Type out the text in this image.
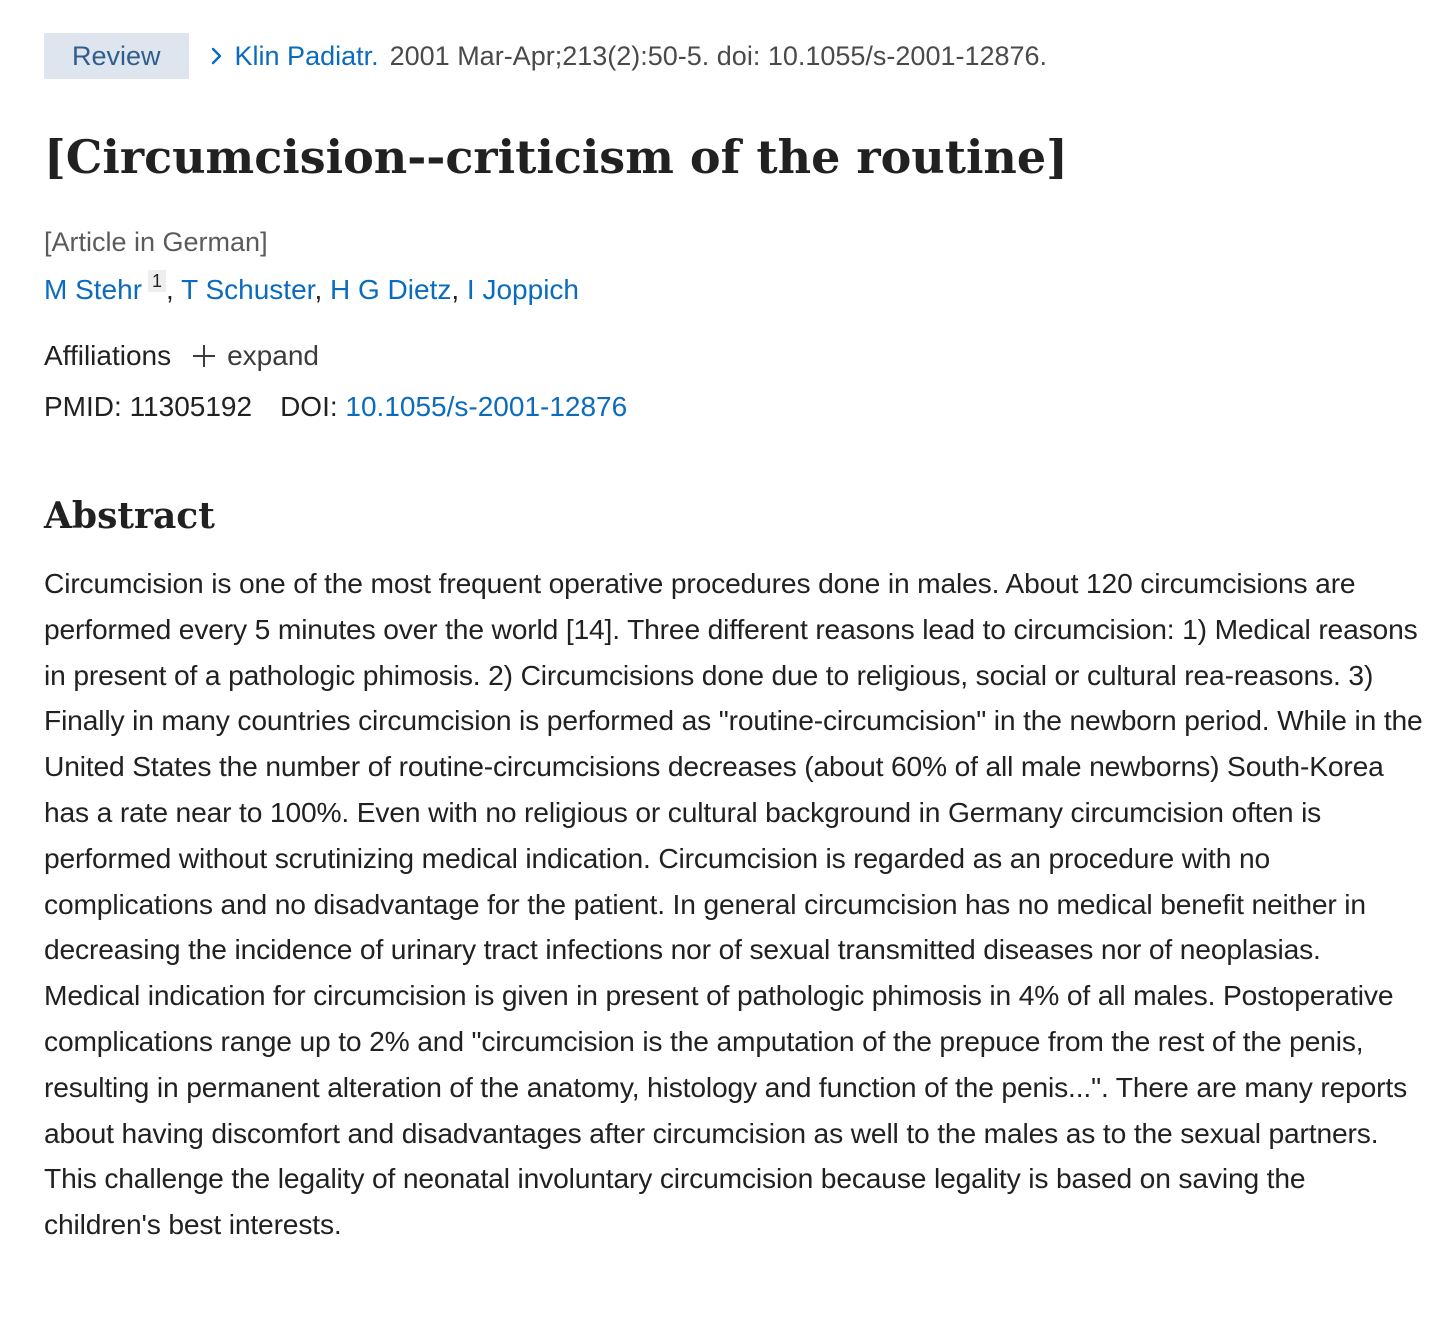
Review	Klin Padiatr. 2001 Mar-Apr;213(2):50-5. doi: 10.1055/s-2001-12876.
[Circumcision--criticism of the routine]
[Article in German]
M Stehr 1 , T Schuster, H G Dietz, I Joppich
Affiliations expand
PMID: 11305192 DOI: 10.1055/s-2001-12876
Abstract
Circumcision is one of the most frequent operative procedures done in males. About 120 circumcisions are performed every 5 minutes over the world [14]. Three different reasons lead to circumcision: 1) Medical reasons in present of a pathologic phimosis. 2) Circumcisions done due to religious, social or cultural rea-reasons. 3) Finally in many countries circumcision is performed as "routine-circumcision" in the newborn period. While in the United States the number of routine-circumcisions decreases (about 60% of all male newborns) South-Korea has a rate near to 100%. Even with no religious or cultural background in Germany circumcision often is performed without scrutinizing medical indication. Circumcision is regarded as an procedure with no complications and no disadvantage for the patient. In general circumcision has no medical benefit neither in decreasing the incidence of urinary tract infections nor of sexual transmitted diseases nor of neoplasias. Medical indication for circumcision is given in present of pathologic phimosis in 4% of all males. Postoperative complications range up to 2% and "circumcision is the amputation of the prepuce from the rest of the penis, resulting in permanent alteration of the anatomy, histology and function of the penis...". There are many reports about having discomfort and disadvantages after circumcision as well to the males as to the sexual partners. This challenge the legality of neonatal involuntary circumcision because legality is based on saving the children's best interests.
